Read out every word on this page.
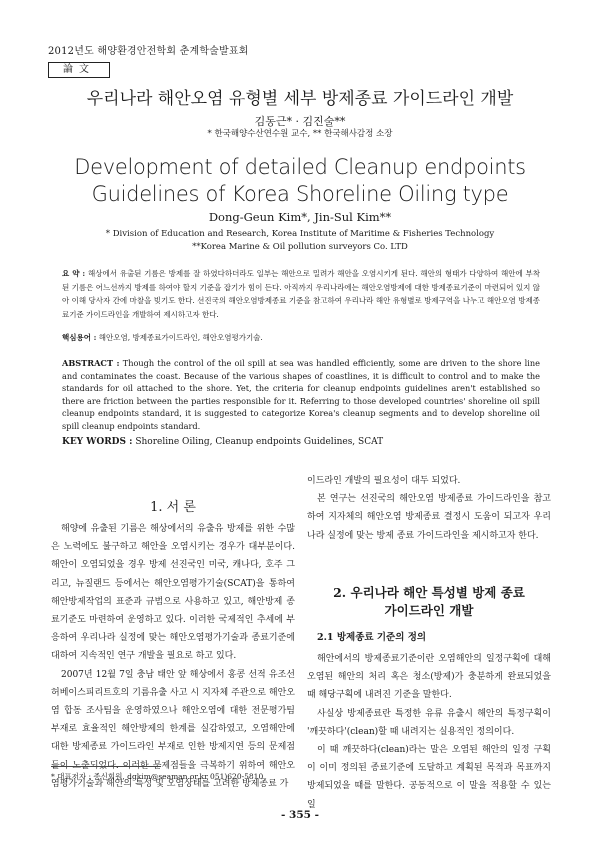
2012년도 해양환경안전학회 춘계학술발표회
論文
우리나라 해안오염 유형별 세부 방제종료 가이드라인 개발
김동근* · 김진술**
* 한국해양수산연수원 교수, ** 한국해사감정 소장
Development of detailed Cleanup endpoints Guidelines of Korea Shoreline Oiling type
Dong-Geun Kim*, Jin-Sul Kim**
* Division of Education and Research, Korea Institute of Maritime & Fisheries Technology
**Korea Marine & Oil pollution surveyors Co. LTD
요 약 : 해상에서 유출된 기름은 방제를 잘 하였다하더라도 일부는 해안으로 밀려가 해안을 오염시키게 된다. 해안의 형태가 다양하여 해안에 부착된 기름은 어느선까지 방제를 하여야 할지 기준을 잡기가 힘이 든다. 아직까지 우리나라에는 해안오염방제에 대한 방제종료기준이 마련되어 있지 않아 이해 당사자 간에 마찰을 빚기도 한다. 선진국의 해안오염방제종료 기준을 참고하여 우리나라 해안 유형별로 방제구역을 나누고 해안오염 방제종료기준 가이드라인을 개발하여 제시하고자 한다.
핵심용어 : 해안오염, 방제종료가이드라인, 해안오염평가기술.
ABSTRACT : Though the control of the oil spill at sea was handled efficiently, some are driven to the shore line and contaminates the coast. Because of the various shapes of coastlines, it is difficult to control and to make the standards for oil attached to the shore. Yet, the criteria for cleanup endpoints guidelines aren't established so there are friction between the parties responsible for it. Referring to those developed countries' shoreline oil spill cleanup endpoints standard, it is suggested to categorize Korea's cleanup segments and to develop shoreline oil spill cleanup endpoints standard.
KEY WORDS : Shoreline Oiling, Cleanup endpoints Guidelines, SCAT
1. 서 론

해양에 유출된 기름은 해상에서의 유출유 방제를 위한 수많은 노력에도 불구하고 해안을 오염시키는 경우가 대부분이다. 해안이 오염되었을 경우 방제 선진국인 미국, 캐나다, 호주 그리고, 뉴질랜드 등에서는 해안오염평가기술(SCAT)을 통하여 해안방제작업의 표준과 규범으로 사용하고 있고, 해안방제 종료기준도 마련하여 운영하고 있다. 이러한 국제적인 추세에 부응하여 우리나라 실정에 맞는 해안오염평가기술과 종료기준에 대하여 지속적인 연구 개발을 필요로 하고 있다.

2007년 12월 7일 충남 태안 앞 해상에서 홍콩 선적 유조선 허베이스피리트호의 기름유출 사고 시 지자체 주관으로 해안오염 합동 조사팀을 운영하였으나 해안오염에 대한 전문평가팀 부재로 효율적인 해안방제의 한계를 실감하였고, 오염해안에 대한 방제종료 가이드라인 부재로 인한 방제지연 등의 문제점들이 노출되었다. 이러한 문제점들을 극복하기 위하여 해안오염평가기술과 해안의 특성 및 오염상태를 고려한 방제종료 가

이드라인 개발의 필요성이 대두 되었다.

본 연구는 선진국의 해안오염 방제종료 가이드라인을 참고하여 지자체의 해안오염 방제종료 결정시 도움이 되고자 우리나라 실정에 맞는 방제 종료 가이드라인을 제시하고자 한다.

2. 우리나라 해안 특성별 방제 종료
가이드라인 개발
2.1 방제종료 기준의 정의

해안에서의 방제종료기준이란 오염해안의 일정구획에 대해 오염된 해안의 처리 혹은 청소(방제)가 충분하게 완료되었을 때 해당구획에 내려진 기준을 말한다.

사실상 방제종료란 특정한 유류 유출시 해안의 특정구획이 '깨끗하다'(clean)할 때 내려지는 실용적인 정의이다.

이 때 깨끗하다(clean)라는 말은 오염된 해안의 일정 구획이 이미 정의된 종료기준에 도달하고 계획된 목적과 목표까지 방제되었을 때를 말한다. 공동적으로 이 말을 적용할 수 있는 일

* 대표저자 : 종신회원, dgkim@seaman.or.kr 051)620-5810
- 355 -
